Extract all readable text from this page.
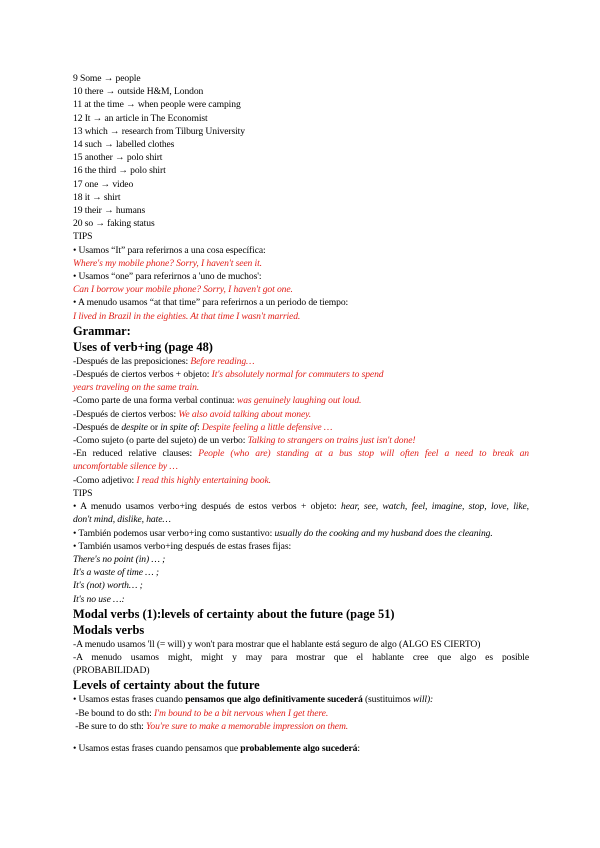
9 Some → people
10 there → outside H&M, London
11 at the time → when people were camping
12 It → an article in The Economist
13 which → research from Tilburg University
14 such → labelled clothes
15 another → polo shirt
16 the third → polo shirt
17 one → video
18 it → shirt
19 their → humans
20 so → faking status
TIPS
• Usamos “It” para referirnos a una cosa específica:
Where's my mobile phone? Sorry, I haven't seen it.
• Usamos “one” para referirnos a 'uno de muchos':
Can I borrow your mobile phone? Sorry, I haven't got one.
• A menudo usamos “at that time” para referirnos a un periodo de tiempo:
I lived in Brazil in the eighties. At that time I wasn't married.
Grammar:
Uses of verb+ing (page 48)
-Después de las preposiciones: Before reading…
-Después de ciertos verbos + objeto: It's absolutely normal for commuters to spend
years traveling on the same train.
-Como parte de una forma verbal continua: was genuinely laughing out loud.
-Después de ciertos verbos: We also avoid talking about money.
-Después de despite or in spite of: Despite feeling a little defensive …
-Como sujeto (o parte del sujeto) de un verbo: Talking to strangers on trains just isn't done!
-En reduced relative clauses: People (who are) standing at a bus stop will often feel a need to break an
uncomfortable silence by …
-Como adjetivo: I read this highly entertaining book.
TIPS
• A menudo usamos verbo+ing después de estos verbos + objeto: hear, see, watch, feel, imagine, stop, love, like,
don't mind, dislike, hate…
• También podemos usar verbo+ing como sustantivo: usually do the cooking and my husband does the cleaning.
• También usamos verbo+ing después de estas frases fijas:
There's no point (in) … ;
It's a waste of time … ;
It's (not) worth… ;
It's no use …:
Modal verbs (1):levels of certainty about the future (page 51)
Modals verbs
-A menudo usamos 'll (= will) y won't para mostrar que el hablante está seguro de algo (ALGO ES CIERTO)
-A menudo usamos might, might y may para mostrar que el hablante cree que algo es posible
(PROBABILIDAD)
Levels of certainty about the future
• Usamos estas frases cuando pensamos que algo definitivamente sucederá (sustituimos will):
-Be bound to do sth: I'm bound to be a bit nervous when I get there.
-Be sure to do sth: You're sure to make a memorable impression on them.
• Usamos estas frases cuando pensamos que probablemente algo sucederá:
